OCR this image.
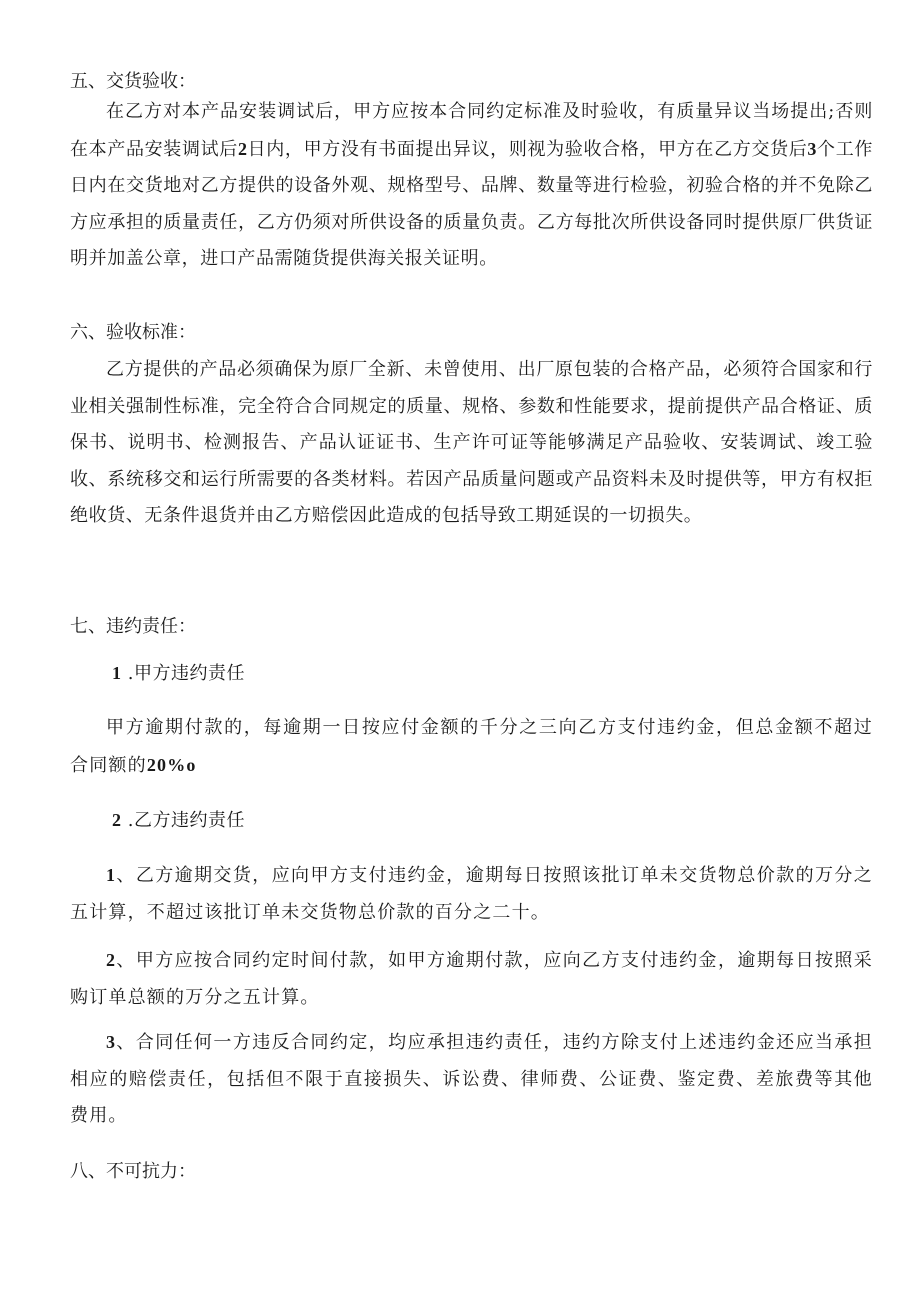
五、交货验收：

在乙方对本产品安装调试后，甲方应按本合同约定标准及时验收，有质量异议当场提出;否则在本产品安装调试后2日内，甲方没有书面提出异议，则视为验收合格，甲方在乙方交货后3个工作日内在交货地对乙方提供的设备外观、规格型号、品牌、数量等进行检验，初验合格的并不免除乙方应承担的质量责任，乙方仍须对所供设备的质量负责。乙方每批次所供设备同时提供原厂供货证明并加盖公章，进口产品需随货提供海关报关证明。

六、验收标准：

乙方提供的产品必须确保为原厂全新、未曾使用、出厂原包装的合格产品，必须符合国家和行业相关强制性标准，完全符合合同规定的质量、规格、参数和性能要求，提前提供产品合格证、质保书、说明书、检测报告、产品认证证书、生产许可证等能够满足产品验收、安装调试、竣工验收、系统移交和运行所需要的各类材料。若因产品质量问题或产品资料未及时提供等，甲方有权拒绝收货、无条件退货并由乙方赔偿因此造成的包括导致工期延误的一切损失。

七、违约责任：
1 .甲方违约责任

甲方逾期付款的，每逾期一日按应付金额的千分之三向乙方支付违约金，但总金额不超过合同额的20%o

2 .乙方违约责任

1、乙方逾期交货，应向甲方支付违约金，逾期每日按照该批订单未交货物总价款的万分之五计算，不超过该批订单未交货物总价款的百分之二十。

2、甲方应按合同约定时间付款，如甲方逾期付款，应向乙方支付违约金，逾期每日按照采购订单总额的万分之五计算。

3、合同任何一方违反合同约定，均应承担违约责任，违约方除支付上述违约金还应当承担相应的赔偿责任，包括但不限于直接损失、诉讼费、律师费、公证费、鉴定费、差旅费等其他费用。

八、不可抗力：
